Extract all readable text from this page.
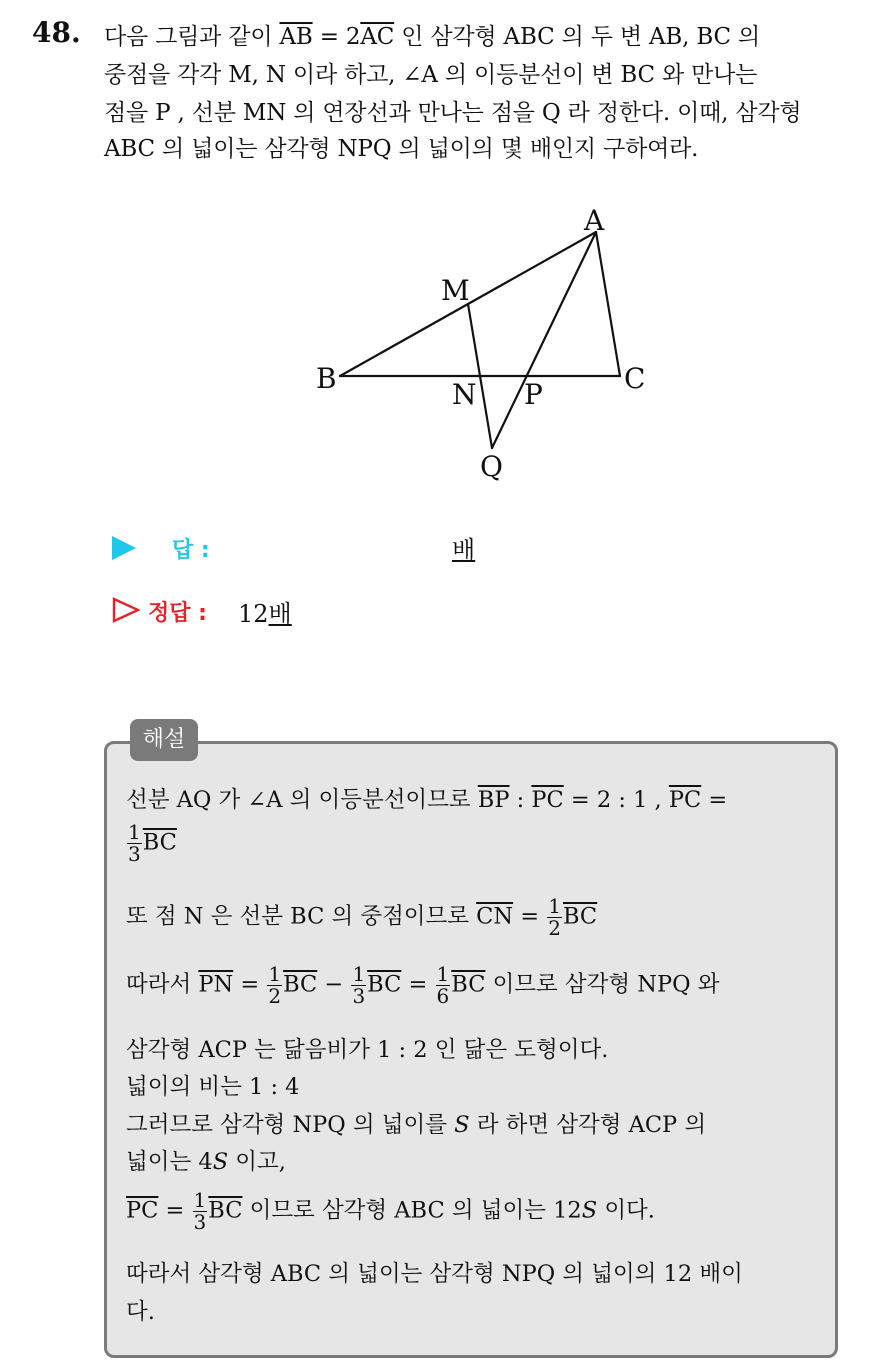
48. 다음 그림과 같이 $\overline{AB} = 2\overline{AC}$ 인 삼각형 ABC 의 두 변 AB, BC 의
중점을 각각 M, N 이라 하고, ∠A 의 이등분선이 변 BC 와 만나는
점을 P , 선분 MN 의 연장선과 만나는 점을 Q 라 정한다. 이때, 삼각형
ABC 의 넓이는 삼각형 NPQ 의 넓이의 몇 배인지 구하여라.
A
B	C
M
N P
Q
답 :	배
정답 : 12배
해설
선분 AQ 가 ∠A 의 이등분선이므로 $\overline{BP}$ : $\overline{PC} = 2$ : 1 , $\overline{PC}$ =
$\frac{1}{3} \overline{BC}$
또 점 N 은 선분 BC 의 중점이므로 $\overline{CN} = \frac{1}{2} \overline{BC}$
따라서 $\overline{PN} = \frac{1}{2} \overline{BC} - \frac{1}{3} \overline{BC} = \frac{1}{6} \overline{BC}$ 이므로 삼각형 NPQ 와
삼각형 ACP 는 닮음비가 1 : 2 인 닮은 도형이다.
넓이의 비는 1 : 4
그러므로 삼각형 NPQ 의 넓이를 S 라 하면 삼각형 ACP 의
넓이는 4S 이고,
$\overline{PC} = \frac{1}{3} \overline{BC}$ 이므로 삼각형 ABC 의 넓이는 12S 이다.
따라서 삼각형 ABC 의 넓이는 삼각형 NPQ 의 넓이의 12 배이
다.
